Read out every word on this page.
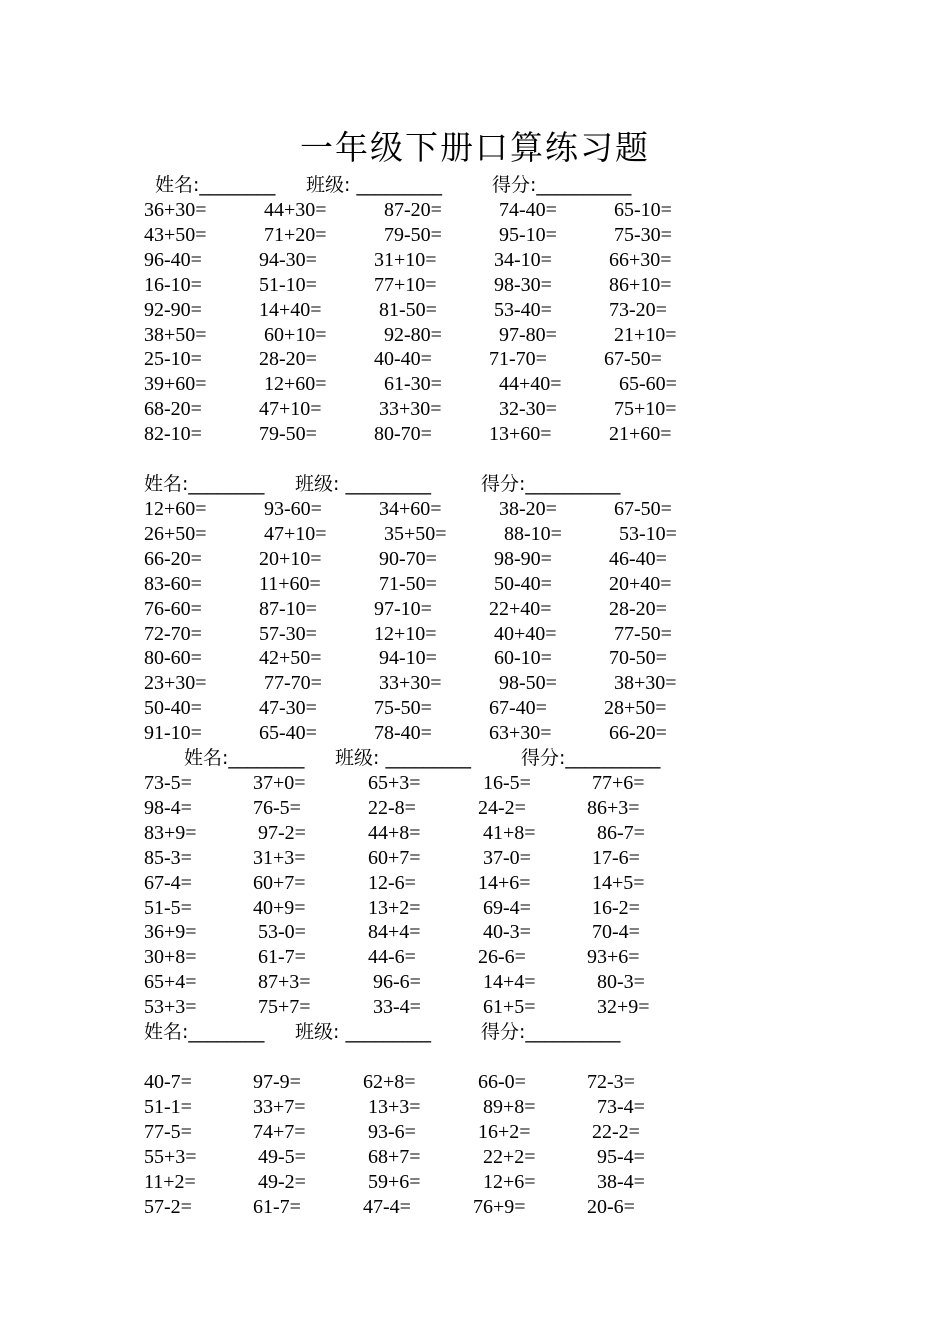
一年级下册口算练习题
姓名:________ 班级: _________	得分:__________
36+30=	44+30=	87-20=	74-40=	65-10=
43+50=	71+20=	79-50=	95-10=	75-30=
96-40=	94-30=	31+10=	34-10=	66+30=
16-10=	51-10=	77+10=	98-30=	86+10=
92-90=	14+40=	81-50=	53-40=	73-20=
38+50=	60+10=	92-80=	97-80=	21+10=
25-10=	28-20=	40-40=	71-70=	67-50=
39+60=	12+60=	61-30=	44+40=	65-60=
68-20=	47+10=	33+30=	32-30=	75+10=
82-10=	79-50=	80-70=	13+60=	21+60=
姓名:________ 班级: _________	得分:__________
12+60=	93-60=	34+60=	38-20=	67-50=
26+50=	47+10=	35+50=	88-10=	53-10=
66-20=	20+10=	90-70=	98-90=	46-40=
83-60=	11+60=	71-50=	50-40=	20+40=
76-60=	87-10=	97-10=	22+40=	28-20=
72-70=	57-30=	12+10=	40+40=	77-50=
80-60=	42+50=	94-10=	60-10=	70-50=
23+30=	77-70=	33+30=	98-50=	38+30=
50-40=	47-30=	75-50=	67-40=	28+50=
91-10=	65-40=	78-40=	63+30=	66-20=
姓名:________ 班级: _________	得分:__________
73-5=	37+0=	65+3=	16-5=	77+6=
98-4=	76-5=	22-8=	24-2=	86+3=
83+9=	97-2=	44+8=	41+8=	86-7=
85-3=	31+3=	60+7=	37-0=	17-6=
67-4=	60+7=	12-6=	14+6=	14+5=
51-5=	40+9=	13+2=	69-4=	16-2=
36+9=	53-0=	84+4=	40-3=	70-4=
30+8=	61-7=	44-6=	26-6=	93+6=
65+4=	87+3=	96-6=	14+4=	80-3=
53+3=	75+7=	33-4=	61+5=	32+9=
姓名:________ 班级: _________	得分:__________
40-7=	97-9=	62+8=	66-0=	72-3=
51-1=	33+7=	13+3=	89+8=	73-4=
77-5=	74+7=	93-6=	16+2=	22-2=
55+3=	49-5=	68+7=	22+2=	95-4=
11+2=	49-2=	59+6=	12+6=	38-4=
57-2=	61-7=	47-4=	76+9=	20-6=
